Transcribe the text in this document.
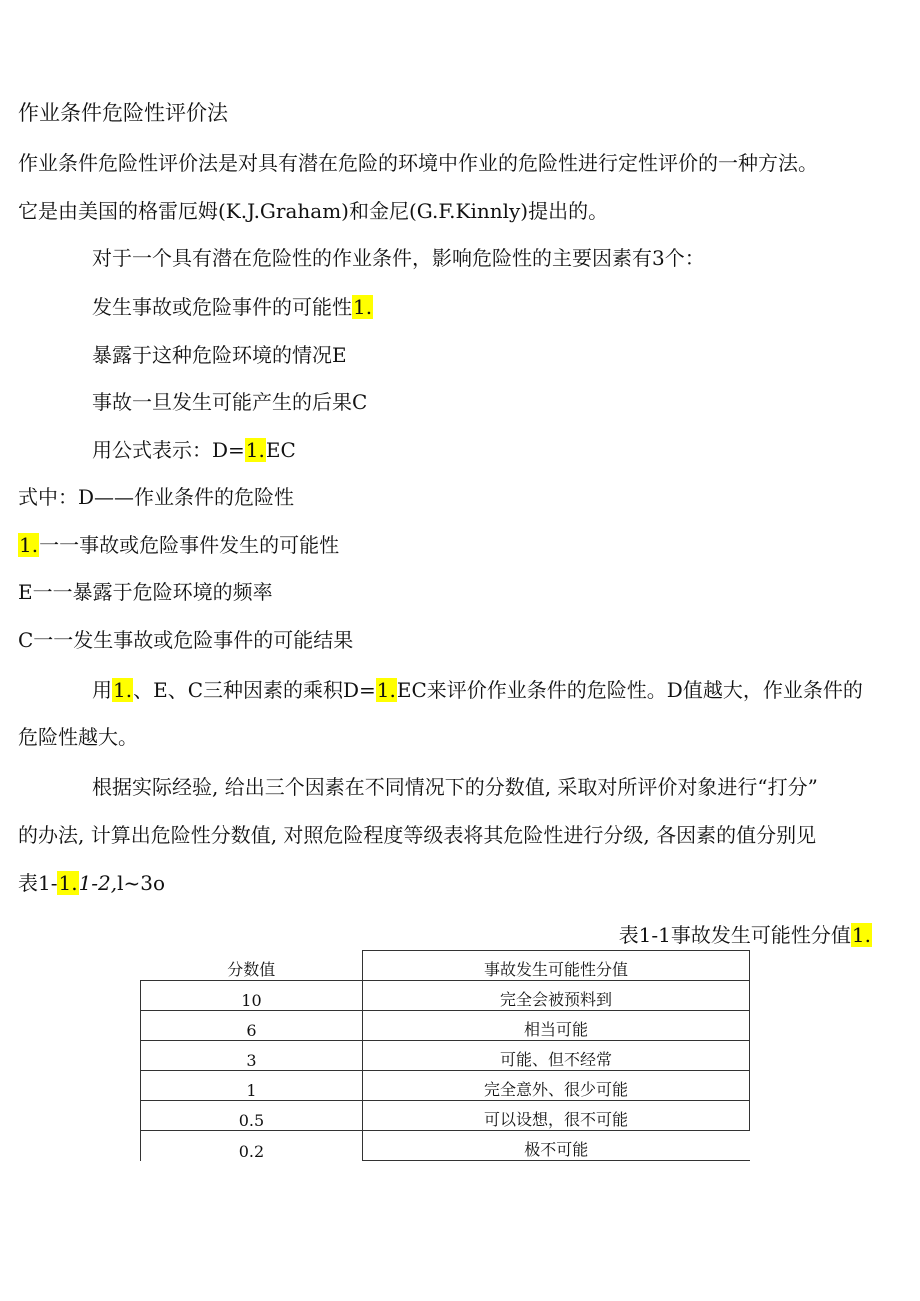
作业条件危险性评价法
作业条件危险性评价法是对具有潜在危险的环境中作业的危险性进行定性评价的一种方法。
它是由美国的格雷厄姆(K.J.Graham)和金尼(G.F.Kinnly)提出的。
对于一个具有潜在危险性的作业条件，影响危险性的主要因素有3个：
发生事故或危险事件的可能性1.
暴露于这种危险环境的情况E
事故一旦发生可能产生的后果C
用公式表示：D=1.EC
式中：D——作业条件的危险性
1.一一事故或危险事件发生的可能性
E一一暴露于危险环境的频率
C一一发生事故或危险事件的可能结果
用1.、E、C三种因素的乘积D=1.EC来评价作业条件的危险性。D值越大，作业条件的
危险性越大。
根据实际经验, 给出三个因素在不同情况下的分数值, 采取对所评价对象进行“打分”
的办法, 计算出危险性分数值, 对照危险程度等级表将其危险性进行分级, 各因素的值分别见
表1-1.1-2,l~3o
表1-1事故发生可能性分值1.
分数值	事故发生可能性分值
10	完全会被预料到
6	相当可能
3	可能、但不经常
1	完全意外、很少可能
0.5	可以设想，很不可能
0.2	极不可能
